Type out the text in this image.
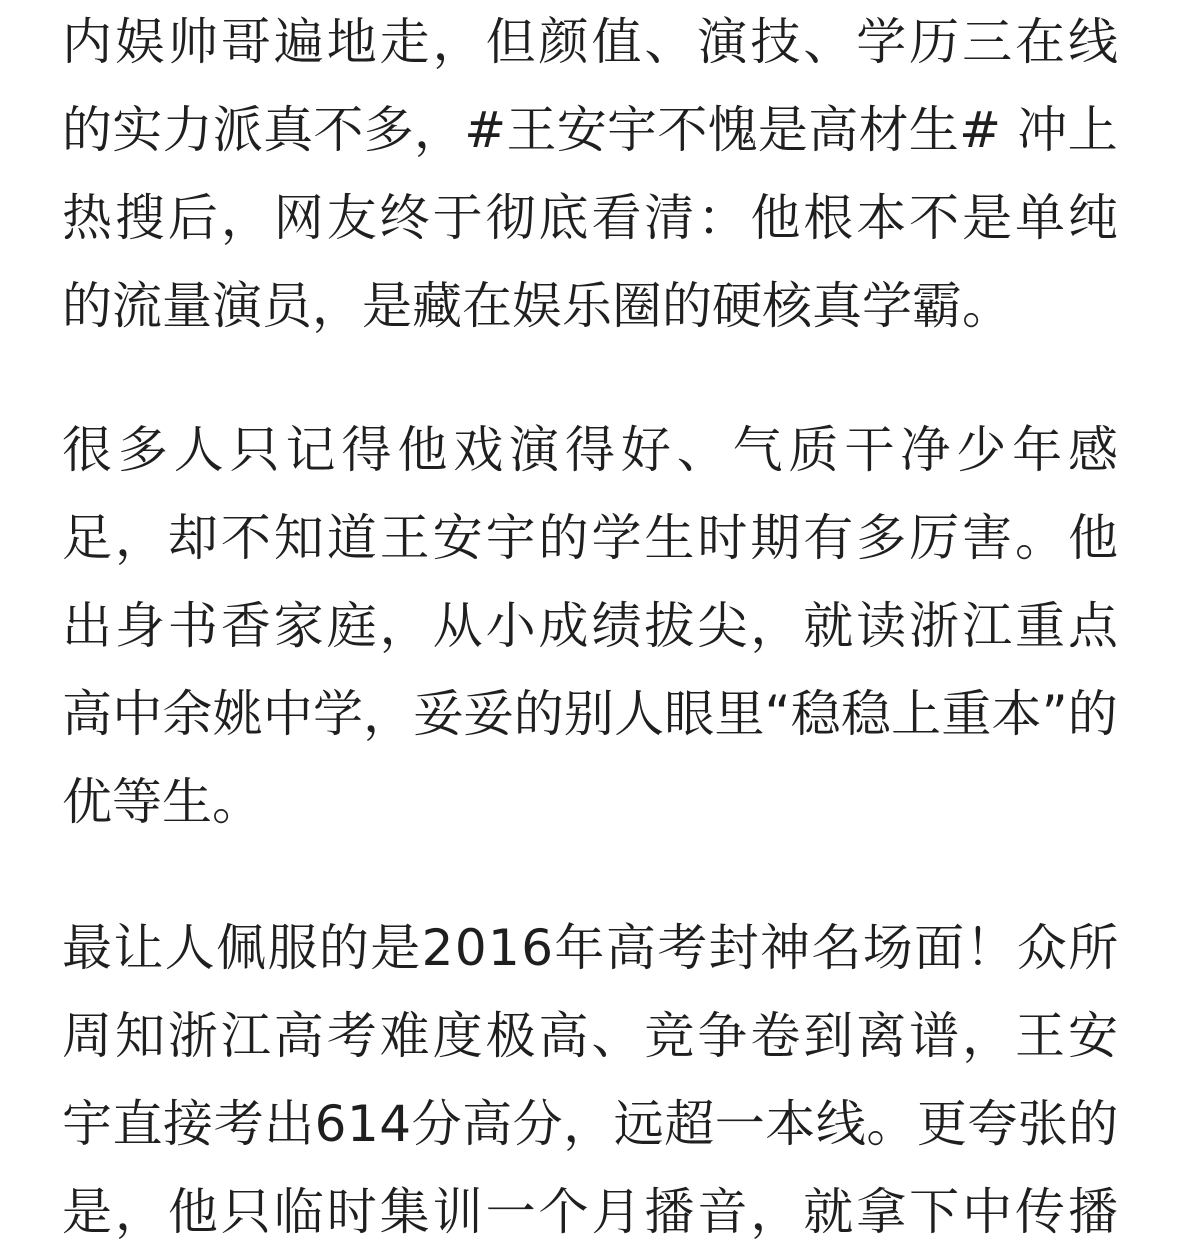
内娱帅哥遍地走，但颜值、演技、学历三在线
的实力派真不多，#王安宇不愧是高材生# 冲上
热搜后，网友终于彻底看清：他根本不是单纯
的流量演员，是藏在娱乐圈的硬核真学霸。
很多人只记得他戏演得好、气质干净少年感
足，却不知道王安宇的学生时期有多厉害。他
出身书香家庭，从小成绩拔尖，就读浙江重点
高中余姚中学，妥妥的别人眼里“稳稳上重本”的
优等生。
最让人佩服的是2016年高考封神名场面！众所
周知浙江高考难度极高、竞争卷到离谱，王安
宇直接考出614分高分，远超一本线。更夸张的
是，他只临时集训一个月播音，就拿下中传播
